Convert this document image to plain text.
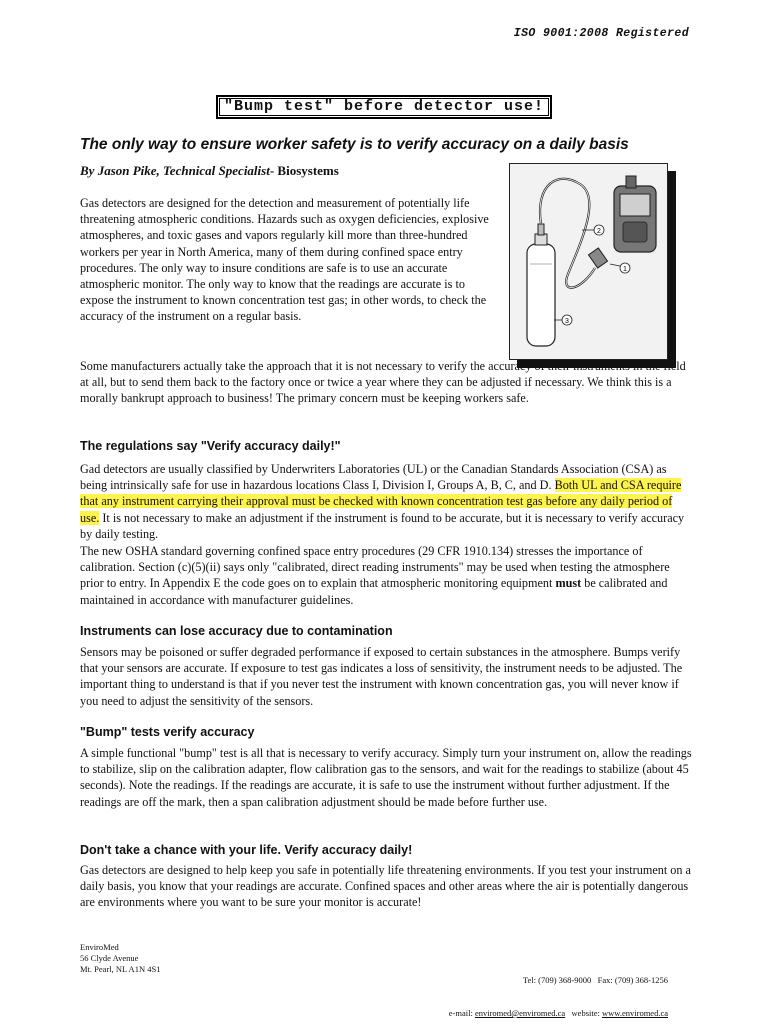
ISO 9001:2008 Registered
"Bump test" before detector use!
The only way to ensure worker safety is to verify accuracy on a daily basis
By Jason Pike, Technical Specialist- Biosystems
1
2
3

Gas detectors are designed for the detection and measurement of potentially life threatening atmospheric conditions. Hazards such as oxygen deficiencies, explosive atmospheres, and toxic gases and vapors regularly kill more than three-hundred workers per year in North America, many of them during confined space entry procedures. The only way to insure conditions are safe is to use an accurate atmospheric monitor. The only way to know that the readings are accurate is to expose the instrument to known concentration test gas; in other words, to check the accuracy of the instrument on a regular basis.

Some manufacturers actually take the approach that it is not necessary to verify the accuracy of their instruments in the field at all, but to send them back to the factory once or twice a year where they can be adjusted if necessary. We think this is a morally bankrupt approach to business! The primary concern must be keeping workers safe.

The regulations say "Verify accuracy daily!"

Gad detectors are usually classified by Underwriters Laboratories (UL) or the Canadian Standards Association (CSA) as being intrinsically safe for use in hazardous locations Class I, Division I, Groups A, B, C, and D. Both UL and CSA require that any instrument carrying their approval must be checked with known concentration test gas before any daily period of use. It is not necessary to make an adjustment if the instrument is found to be accurate, but it is necessary to verify accuracy by daily testing.

The new OSHA standard governing confined space entry procedures (29 CFR 1910.134) stresses the importance of calibration. Section (c)(5)(ii) says only "calibrated, direct reading instruments" may be used when testing the atmosphere prior to entry. In Appendix E the code goes on to explain that atmospheric monitoring equipment must be calibrated and maintained in accordance with manufacturer guidelines.

Instruments can lose accuracy due to contamination

Sensors may be poisoned or suffer degraded performance if exposed to certain substances in the atmosphere. Bumps verify that your sensors are accurate. If exposure to test gas indicates a loss of sensitivity, the instrument needs to be adjusted. The important thing to understand is that if you never test the instrument with known concentration gas, you will never know if you need to adjust the sensitivity of the sensors.

"Bump" tests verify accuracy

A simple functional "bump" test is all that is necessary to verify accuracy. Simply turn your instrument on, allow the readings to stabilize, slip on the calibration adapter, flow calibration gas to the sensors, and wait for the readings to stabilize (about 45 seconds). Note the readings. If the readings are accurate, it is safe to use the instrument without further adjustment. If the readings are off the mark, then a span calibration adjustment should be made before further use.

Don't take a chance with your life. Verify accuracy daily!

Gas detectors are designed to help keep you safe in potentially life threatening environments. If you test your instrument on a daily basis, you know that your readings are accurate. Confined spaces and other areas where the air is potentially dangerous are environments where you want to be sure your monitor is accurate!

EnviroMed
56 Clyde Avenue
Mt. Pearl, NL A1N 4S1

Tel: (709) 368-9000   Fax: (709) 368-1256

e-mail: enviromed@enviromed.ca   website: www.enviromed.ca
